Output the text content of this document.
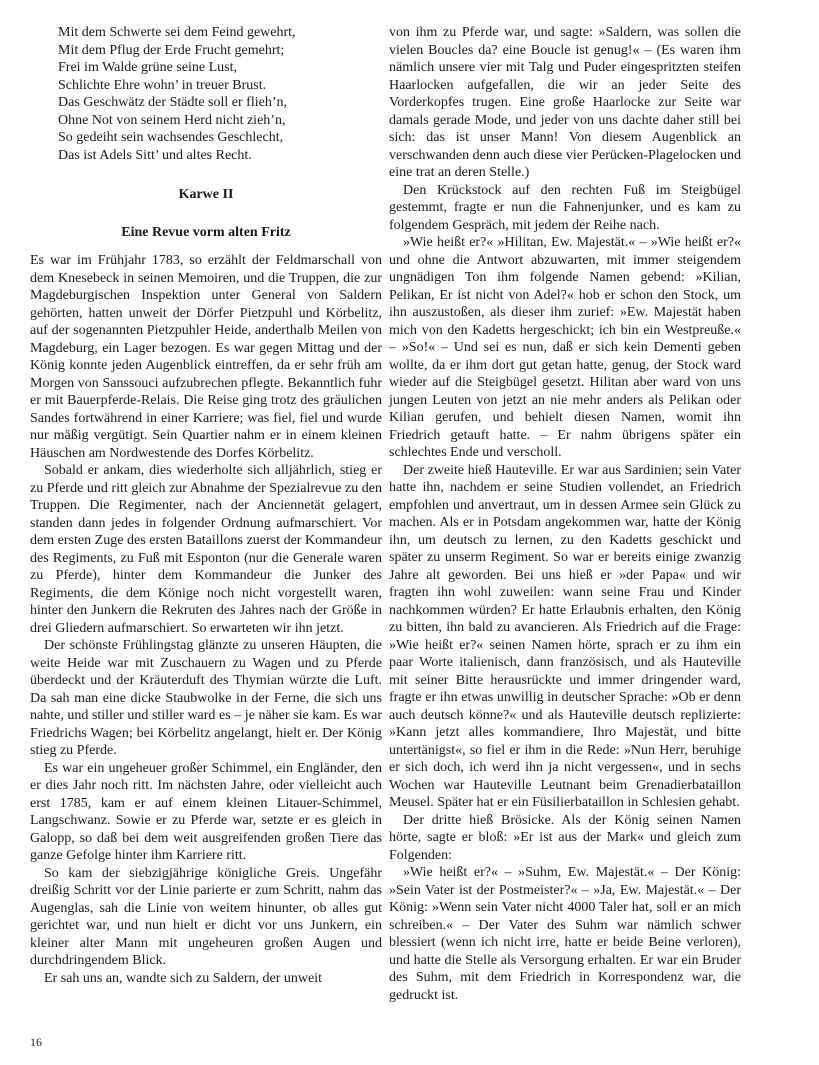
Mit dem Schwerte sei dem Feind gewehrt,
Mit dem Pflug der Erde Frucht gemehrt;
Frei im Walde grüne seine Lust,
Schlichte Ehre wohn’ in treuer Brust.
Das Geschwätz der Städte soll er flieh’n,
Ohne Not von seinem Herd nicht zieh’n,
So gedeiht sein wachsendes Geschlecht,
Das ist Adels Sitt’ und altes Recht.
Karwe II
Eine Revue vorm alten Fritz

Es war im Frühjahr 1783, so erzählt der Feldmarschall von dem Knesebeck in seinen Memoiren, und die Truppen, die zur Magdeburgischen Inspektion unter General von Saldern gehörten, hatten unweit der Dörfer Pietzpuhl und Körbelitz, auf der sogenannten Pietzpuhler Heide, anderthalb Meilen von Magdeburg, ein Lager bezogen. Es war gegen Mittag und der König konnte jeden Augenblick eintreffen, da er sehr früh am Morgen von Sanssouci aufzubrechen pflegte. Bekanntlich fuhr er mit Bauerpferde-Relais. Die Reise ging trotz des gräulichen Sandes fortwährend in einer Karriere; was fiel, fiel und wurde nur mäßig vergütigt. Sein Quartier nahm er in einem kleinen Häuschen am Nordwestende des Dorfes Körbelitz.

Sobald er ankam, dies wiederholte sich alljährlich, stieg er zu Pferde und ritt gleich zur Abnahme der Spezialrevue zu den Truppen. Die Regimenter, nach der Anciennetät gelagert, standen dann jedes in folgender Ordnung aufmarschiert. Vor dem ersten Zuge des ersten Bataillons zuerst der Kommandeur des Regiments, zu Fuß mit Esponton (nur die Generale waren zu Pferde), hinter dem Kommandeur die Junker des Regiments, die dem Könige noch nicht vorgestellt waren, hinter den Junkern die Rekruten des Jahres nach der Größe in drei Gliedern aufmarschiert. So erwarteten wir ihn jetzt.

Der schönste Frühlingstag glänzte zu unseren Häupten, die weite Heide war mit Zuschauern zu Wagen und zu Pferde überdeckt und der Kräuterduft des Thymian würzte die Luft. Da sah man eine dicke Staubwolke in der Ferne, die sich uns nahte, und stiller und stiller ward es – je näher sie kam. Es war Friedrichs Wagen; bei Körbelitz angelangt, hielt er. Der König stieg zu Pferde.

Es war ein ungeheuer großer Schimmel, ein Engländer, den er dies Jahr noch ritt. Im nächsten Jahre, oder vielleicht auch erst 1785, kam er auf einem kleinen Litauer-Schimmel, Langschwanz. Sowie er zu Pferde war, setzte er es gleich in Galopp, so daß bei dem weit ausgreifenden großen Tiere das ganze Gefolge hinter ihm Karriere ritt.

So kam der siebzigjährige königliche Greis. Ungefähr dreißig Schritt vor der Linie parierte er zum Schritt, nahm das Augenglas, sah die Linie von weitem hinunter, ob alles gut gerichtet war, und nun hielt er dicht vor uns Junkern, ein kleiner alter Mann mit ungeheuren großen Augen und durchdringendem Blick.

Er sah uns an, wandte sich zu Saldern, der unweit

von ihm zu Pferde war, und sagte: »Saldern, was sollen die vielen Boucles da? eine Boucle ist genug!« – (Es waren ihm nämlich unsere vier mit Talg und Puder eingespritzten steifen Haarlocken aufgefallen, die wir an jeder Seite des Vorderkopfes trugen. Eine große Haarlocke zur Seite war damals gerade Mode, und jeder von uns dachte daher still bei sich: das ist unser Mann! Von diesem Augenblick an verschwanden denn auch diese vier Perücken-Plagelocken und eine trat an deren Stelle.)

Den Krückstock auf den rechten Fuß im Steigbügel gestemmt, fragte er nun die Fahnenjunker, und es kam zu folgendem Gespräch, mit jedem der Reihe nach.

»Wie heißt er?« »Hilitan, Ew. Majestät.« – »Wie heißt er?« und ohne die Antwort abzuwarten, mit immer steigendem ungnädigen Ton ihm folgende Namen gebend: »Kilian, Pelikan, Er ist nicht von Adel?« hob er schon den Stock, um ihn auszustoßen, als dieser ihm zurief: »Ew. Majestät haben mich von den Kadetts hergeschickt; ich bin ein Westpreuße.« – »So!« – Und sei es nun, daß er sich kein Dementi geben wollte, da er ihm dort gut getan hatte, genug, der Stock ward wieder auf die Steigbügel gesetzt. Hilitan aber ward von uns jungen Leuten von jetzt an nie mehr anders als Pelikan oder Kilian gerufen, und behielt diesen Namen, womit ihn Friedrich getauft hatte. – Er nahm übrigens später ein schlechtes Ende und verscholl.

Der zweite hieß Hauteville. Er war aus Sardinien; sein Vater hatte ihn, nachdem er seine Studien vollendet, an Friedrich empfohlen und anvertraut, um in dessen Armee sein Glück zu machen. Als er in Potsdam angekommen war, hatte der König ihn, um deutsch zu lernen, zu den Kadetts geschickt und später zu unserm Regiment. So war er bereits einige zwanzig Jahre alt geworden. Bei uns hieß er »der Papa« und wir fragten ihn wohl zuweilen: wann seine Frau und Kinder nachkommen würden? Er hatte Erlaubnis erhalten, den König zu bitten, ihn bald zu avancieren. Als Friedrich auf die Frage: »Wie heißt er?« seinen Namen hörte, sprach er zu ihm ein paar Worte italienisch, dann französisch, und als Hauteville mit seiner Bitte herausrückte und immer dringender ward, fragte er ihn etwas unwillig in deutscher Sprache: »Ob er denn auch deutsch könne?« und als Hauteville deutsch replizierte: »Kann jetzt alles kommandiere, Ihro Majestät, und bitte untertänigst«, so fiel er ihm in die Rede: »Nun Herr, beruhige er sich doch, ich werd ihn ja nicht vergessen«, und in sechs Wochen war Hauteville Leutnant beim Grenadierbataillon Meusel. Später hat er ein Füsilierbataillon in Schlesien gehabt.

Der dritte hieß Brösicke. Als der König seinen Namen hörte, sagte er bloß: »Er ist aus der Mark« und gleich zum Folgenden:

»Wie heißt er?« – »Suhm, Ew. Majestät.« – Der König: »Sein Vater ist der Postmeister?« – »Ja, Ew. Majestät.« – Der König: »Wenn sein Vater nicht 4000 Taler hat, soll er an mich schreiben.« – Der Vater des Suhm war nämlich schwer blessiert (wenn ich nicht irre, hatte er beide Beine verloren), und hatte die Stelle als Versorgung erhalten. Er war ein Bruder des Suhm, mit dem Friedrich in Korrespondenz war, die gedruckt ist.

16
